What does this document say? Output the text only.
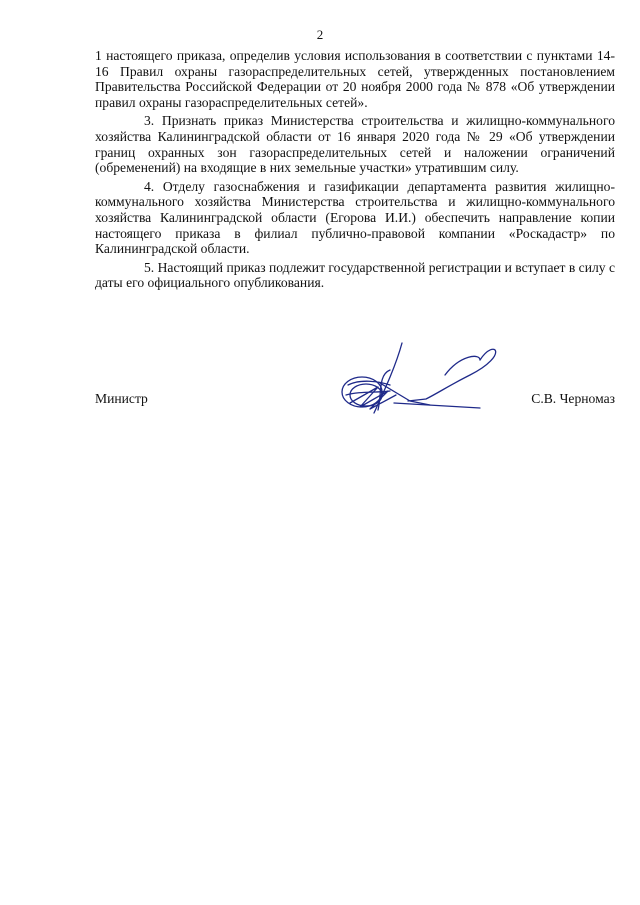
2

1 настоящего приказа, определив условия использования в соответствии с пунктами 14-16 Правил охраны газораспределительных сетей, утвержденных постановлением Правительства Российской Федерации от 20 ноября 2000 года № 878 «Об утверждении правил охраны газораспределительных сетей».

3. Признать приказ Министерства строительства и жилищно-коммунального хозяйства Калининградской области от 16 января 2020 года № 29 «Об утверждении границ охранных зон газораспределительных сетей и наложении ограничений (обременений) на входящие в них земельные участки» утратившим силу.

4. Отделу газоснабжения и газификации департамента развития жилищно-коммунального хозяйства Министерства строительства и жилищно-коммунального хозяйства Калининградской области (Егорова И.И.) обеспечить направление копии настоящего приказа в филиал публично-правовой компании «Роскадастр» по Калининградской области.

5. Настоящий приказ подлежит государственной регистрации и вступает в силу с даты его официального опубликования.

Министр	С.В. Черномаз
